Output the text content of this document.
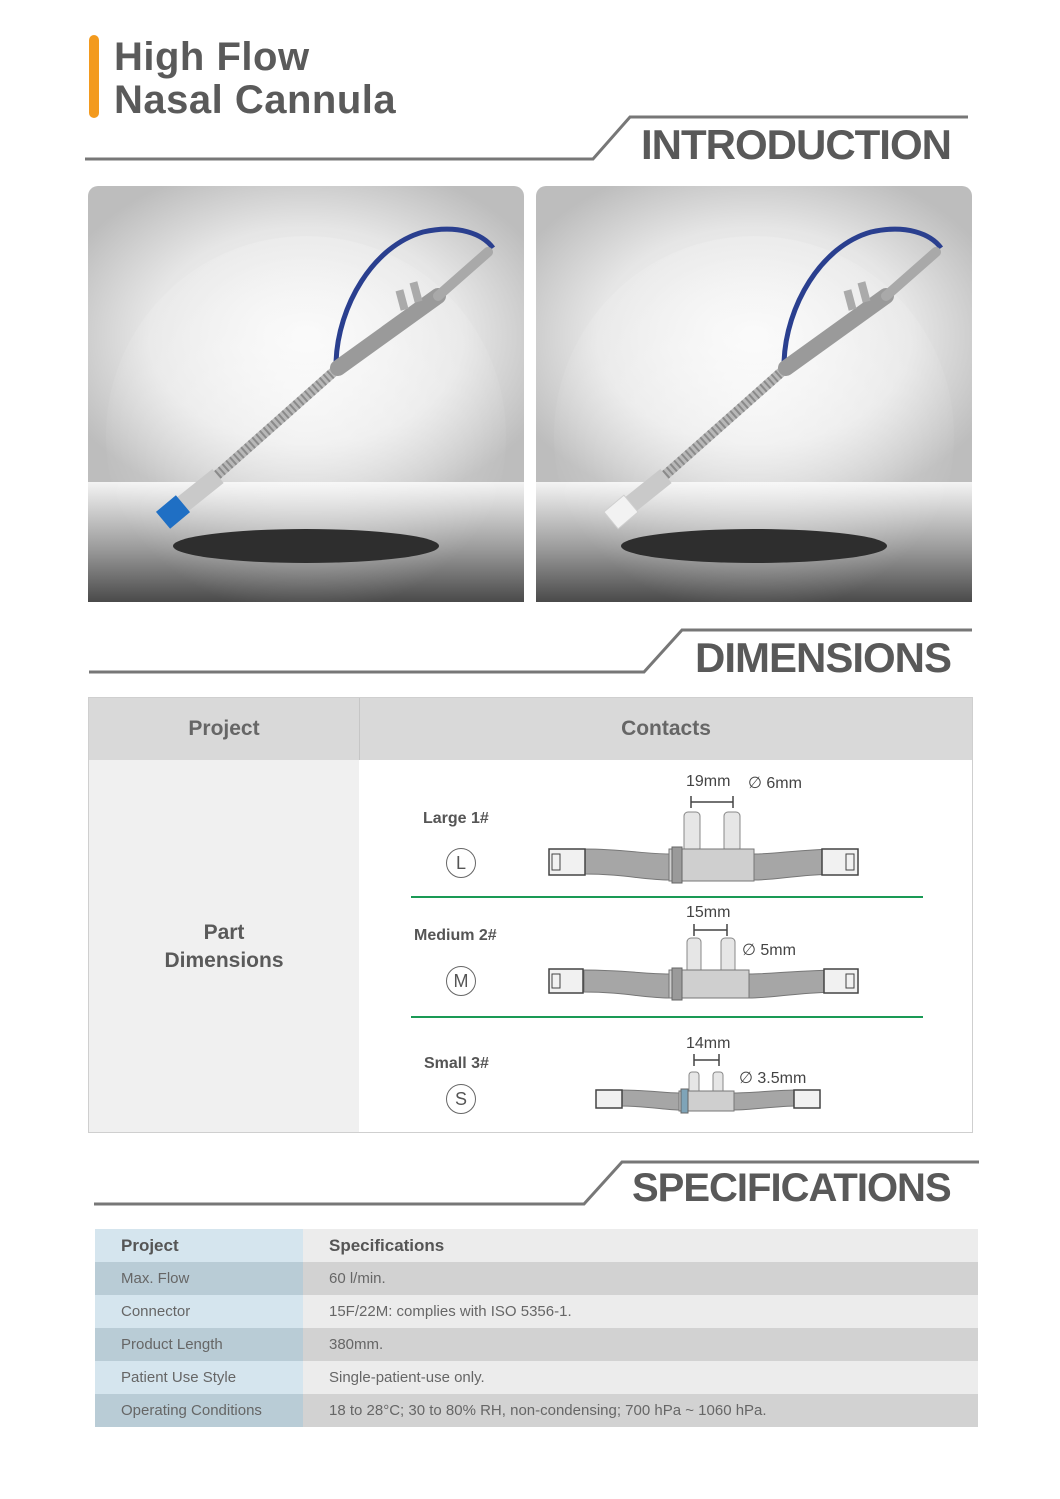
High Flow
Nasal Cannula
INTRODUCTION
DIMENSIONS
Project	Contacts
Part
Dimensions
Large 1#
L
19mm ∅ 6mm
Medium 2#
M
15mm
∅ 5mm
Small 3#
S
14mm
∅ 3.5mm
SPECIFICATIONS
Project	Specifications
Max. Flow	60 l/min.
Connector	15F/22M: complies with ISO 5356-1.
Product Length	380mm.
Patient Use Style	Single-patient-use only.
Operating Conditions	18 to 28°C; 30 to 80% RH, non-condensing; 700 hPa ~ 1060 hPa.
